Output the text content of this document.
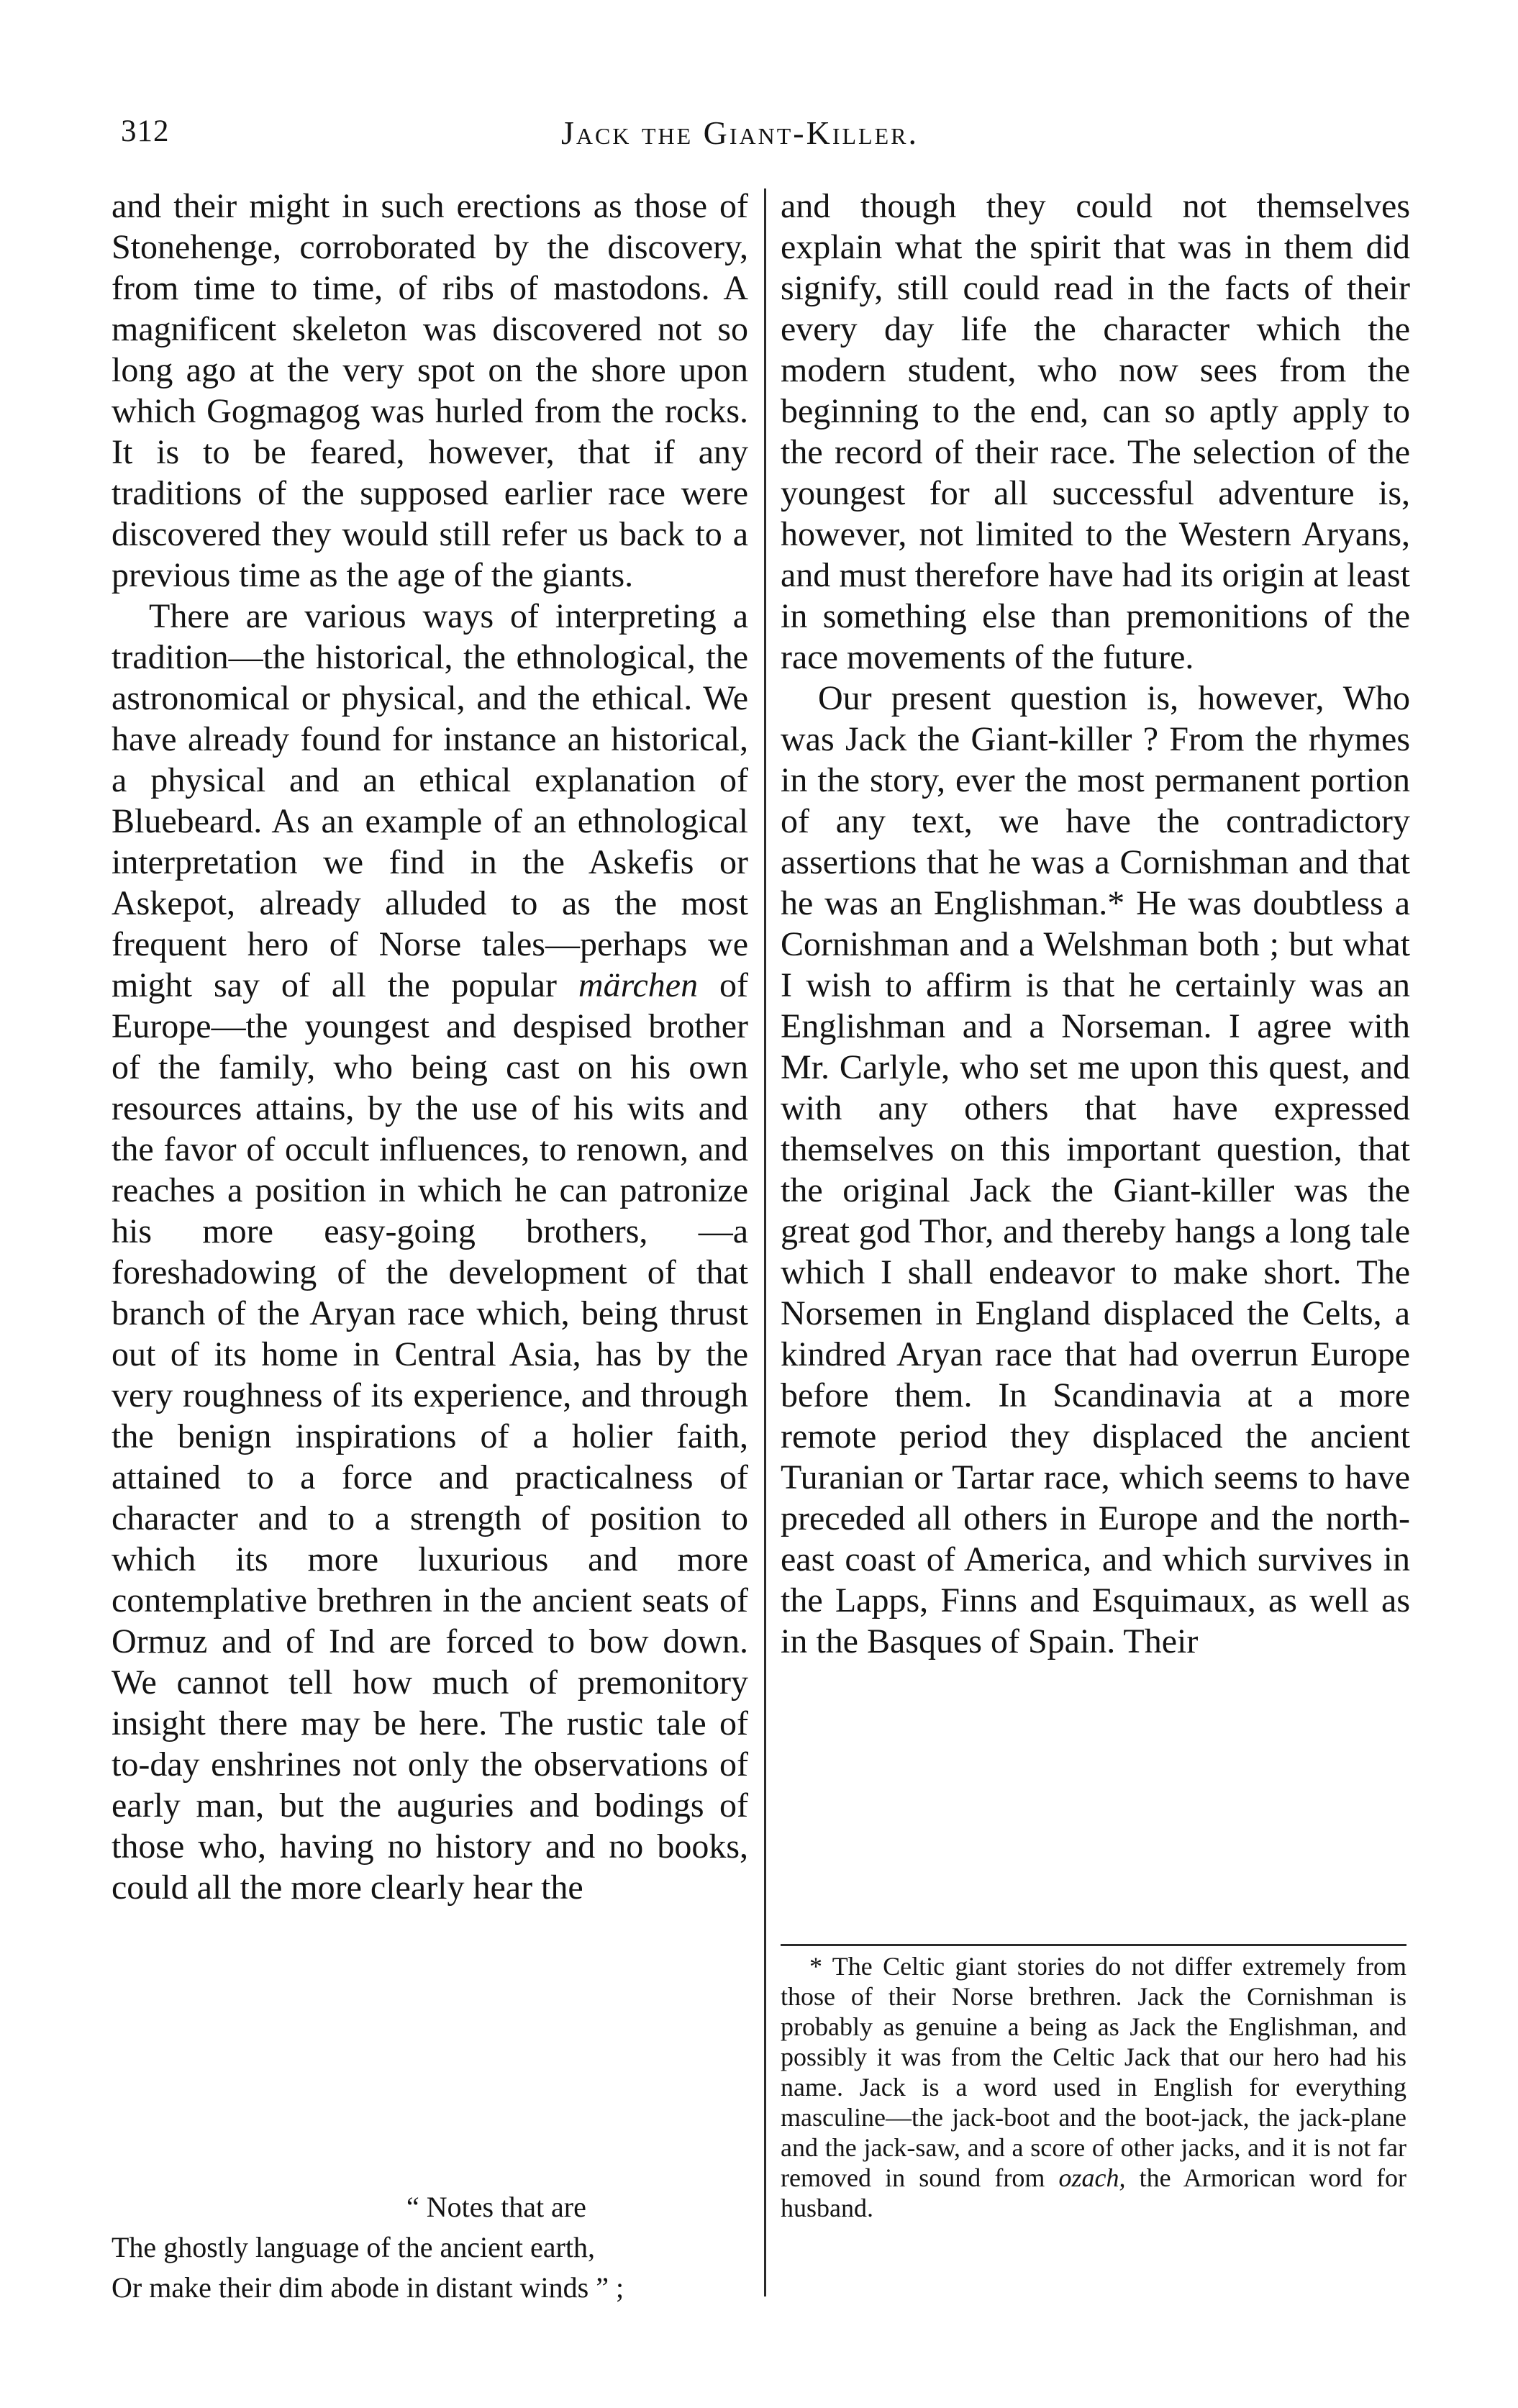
312	Jack the Giant-Killer.

and their might in such erections as those of Stonehenge, corroborated by the discovery, from time to time, of ribs of mastodons. A magnificent skeleton was discovered not so long ago at the very spot on the shore upon which Gogmagog was hurled from the rocks. It is to be feared, however, that if any traditions of the supposed earlier race were discovered they would still refer us back to a previous time as the age of the giants.

There are various ways of interpreting a tradition—the historical, the ethnological, the astronomical or physical, and the ethical. We have already found for instance an historical, a physical and an ethical explanation of Bluebeard. As an example of an ethnological interpretation we find in the Askefis or Askepot, already alluded to as the most frequent hero of Norse tales—perhaps we might say of all the popular märchen of Europe—the youngest and despised brother of the family, who being cast on his own resources attains, by the use of his wits and the favor of occult influences, to renown, and reaches a position in which he can patronize his more easy-going brothers, —a foreshadowing of the development of that branch of the Aryan race which, being thrust out of its home in Central Asia, has by the very roughness of its experience, and through the benign inspirations of a holier faith, attained to a force and practicalness of character and to a strength of position to which its more luxurious and more contemplative brethren in the ancient seats of Ormuz and of Ind are forced to bow down. We cannot tell how much of premonitory insight there may be here. The rustic tale of to-day enshrines not only the observations of early man, but the auguries and bodings of those who, having no history and no books, could all the more clearly hear the

“ Notes that are
The ghostly language of the ancient earth,
Or make their dim abode in distant winds ” ;

and though they could not themselves explain what the spirit that was in them did signify, still could read in the facts of their every day life the character which the modern student, who now sees from the beginning to the end, can so aptly apply to the record of their race. The selection of the youngest for all successful adventure is, however, not limited to the Western Aryans, and must therefore have had its origin at least in something else than premonitions of the race movements of the future.

Our present question is, however, Who was Jack the Giant-killer ? From the rhymes in the story, ever the most permanent portion of any text, we have the contradictory assertions that he was a Cornishman and that he was an Englishman.* He was doubtless a Cornishman and a Welshman both ; but what I wish to affirm is that he certainly was an Englishman and a Norseman. I agree with Mr. Carlyle, who set me upon this quest, and with any others that have expressed themselves on this important question, that the original Jack the Giant-killer was the great god Thor, and thereby hangs a long tale which I shall endeavor to make short. The Norsemen in England displaced the Celts, a kindred Aryan race that had overrun Europe before them. In Scandinavia at a more remote period they displaced the ancient Turanian or Tartar race, which seems to have preceded all others in Europe and the north-east coast of America, and which survives in the Lapps, Finns and Esquimaux, as well as in the Basques of Spain. Their

* The Celtic giant stories do not differ extremely from those of their Norse brethren. Jack the Cornishman is probably as genuine a being as Jack the Englishman, and possibly it was from the Celtic Jack that our hero had his name. Jack is a word used in English for everything masculine—the jack-boot and the boot-jack, the jack-plane and the jack-saw, and a score of other jacks, and it is not far removed in sound from ozach, the Armorican word for husband.
